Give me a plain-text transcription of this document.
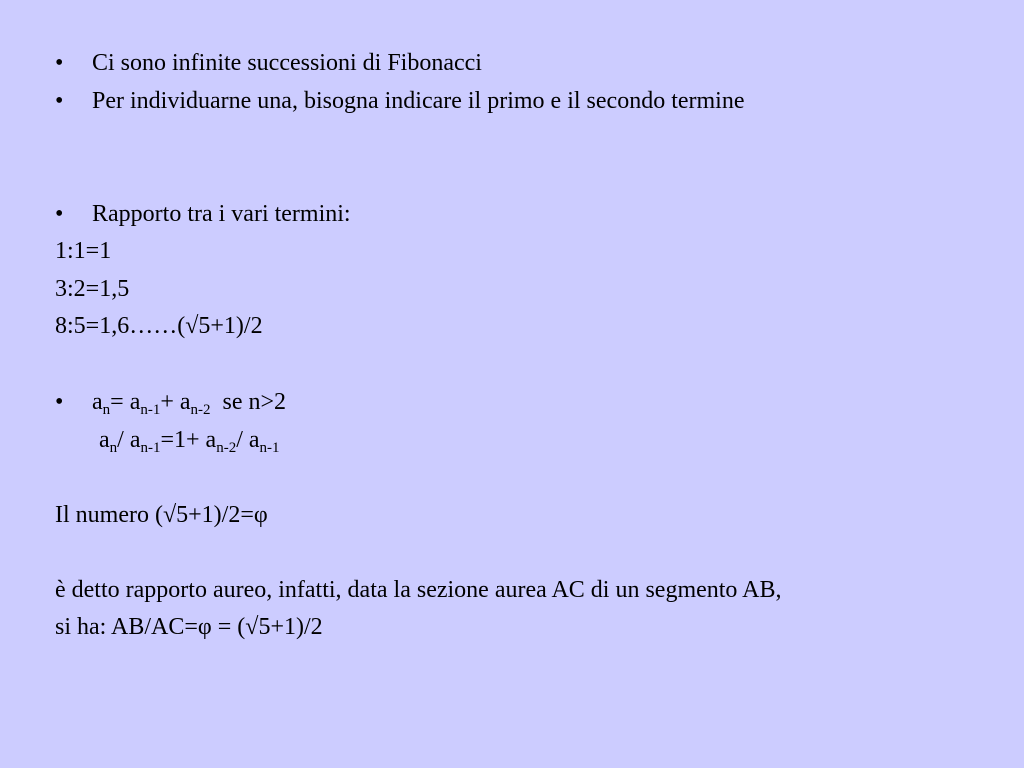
• Ci sono infinite successioni di Fibonacci
• Per individuarne una, bisogna indicare il primo e il secondo termine
• Rapporto tra i vari termini:
1:1=1
3:2=1,5
8:5=1,6……(√5+1)/2
• $a_n= a_{n-1}+ a_{n-2}$  se n>2
$a_n/$ $a_{n-1}=1+ a_{n-2}/$ $a_{n-1}$
Il numero (√5+1)/2=φ
è detto rapporto aureo, infatti, data la sezione aurea AC di un segmento AB,
si ha: AB/AC=φ = (√5+1)/2
